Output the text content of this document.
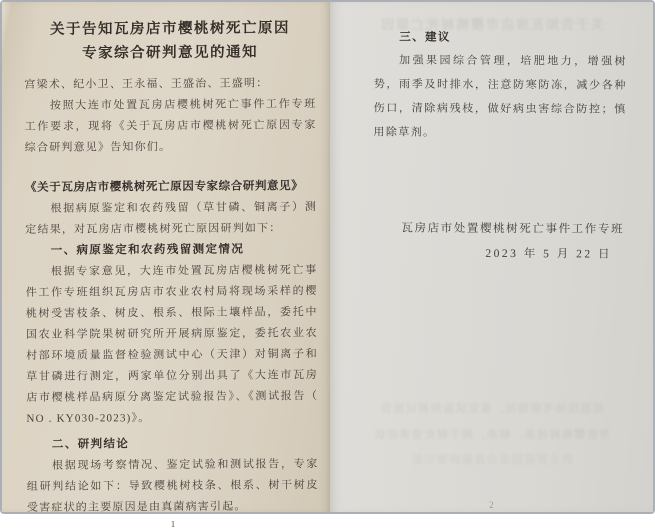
关于告知瓦房店市樱桃树死亡原因
专家综合研判意见的通知
宫梁术、纪小卫、王永福、王盛治、王盛明：
按照大连市处置瓦房店樱桃树死亡事件工作专班工作要求，现将《关于瓦房店市樱桃树死亡原因专家综合研判意见》告知你们。
《关于瓦房店市樱桃树死亡原因专家综合研判意见》
根据病原鉴定和农药残留（草甘磷、铜离子）测定结果，对瓦房店市樱桃树死亡原因研判如下：
一、病原鉴定和农药残留测定情况
根据专家意见，大连市处置瓦房店樱桃树死亡事件工作专班组织瓦房店市农业农村局将现场采样的樱桃树受害枝条、树皮、根系、根际土壤样品，委托中国农业科学院果树研究所开展病原鉴定，委托农业农村部环境质量监督检验测试中心（天津）对铜离子和草甘磷进行测定，两家单位分别出具了《大连市瓦房店市樱桃样品病原分离鉴定试验报告》、《测试报告（ NO . KY030-2023)》。
二、研判结论
根据现场考察情况、鉴定试验和测试报告，专家组研判结论如下：导致樱桃树枝条、根系、树干树皮受害症状的主要原因是由真菌病害引起。
1
关于告知瓦房店市樱桃树死亡原因
根据现场考察情况、鉴定试验和测试报告
导致樱桃树枝条、根系、树干树皮受害症状
的主要原因是由真菌病害引起
三、建议
加强果园综合管理，培肥地力，增强树势，雨季及时排水，注意防寒防冻，减少各种伤口，清除病残枝，做好病虫害综合防控；慎用除草剂。
瓦房店市处置樱桃树死亡事件工作专班
2023 年 5 月 22 日
2
